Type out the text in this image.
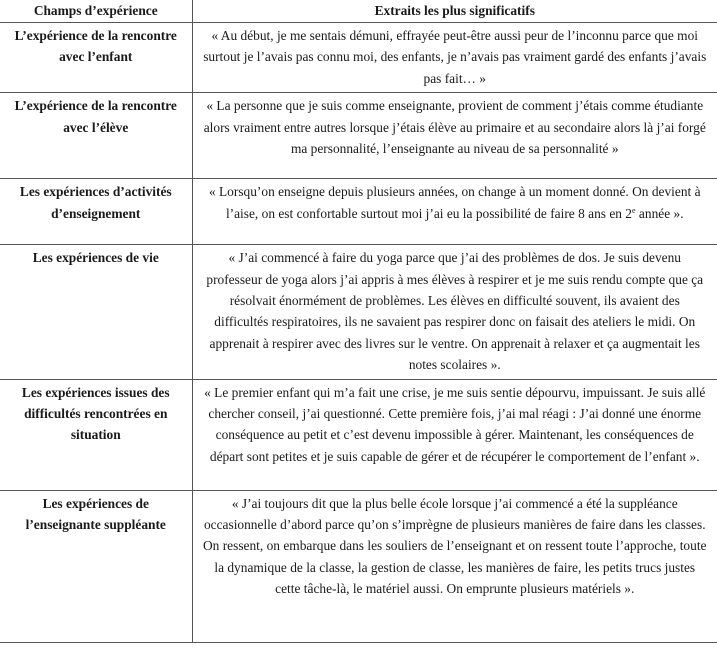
Champs d’expérience	Extraits les plus significatifs
L’expérience de la rencontre avec l’enfant	« Au début, je me sentais démuni, effrayée peut-être aussi peur de l’inconnu parce que moi surtout je l’avais pas connu moi, des enfants, je n’avais pas vraiment gardé des enfants j’avais pas fait… »
L’expérience de la rencontre avec l’élève	« La personne que je suis comme enseignante, provient de comment j’étais comme étudiante alors vraiment entre autres lorsque j’étais élève au primaire et au secondaire alors là j’ai forgé ma personnalité, l’enseignante au niveau de sa personnalité »
Les expériences d’activités d’enseignement	« Lorsqu’on enseigne depuis plusieurs années, on change à un moment donné. On devient à l’aise, on est confortable surtout moi j’ai eu la possibilité de faire 8 ans en 2e année ».
Les expériences de vie	« J’ai commencé à faire du yoga parce que j’ai des problèmes de dos. Je suis devenu professeur de yoga alors j’ai appris à mes élèves à respirer et je me suis rendu compte que ça résolvait énormément de problèmes. Les élèves en difficulté souvent, ils avaient des difficultés respiratoires, ils ne savaient pas respirer donc on faisait des ateliers le midi. On apprenait à respirer avec des livres sur le ventre. On apprenait à relaxer et ça augmentait les notes scolaires ».
Les expériences issues des difficultés rencontrées en situation	« Le premier enfant qui m’a fait une crise, je me suis sentie dépourvu, impuissant. Je suis allé chercher conseil, j’ai questionné. Cette première fois, j’ai mal réagi : J’ai donné une énorme conséquence au petit et c’est devenu impossible à gérer. Maintenant, les conséquences de départ sont petites et je suis capable de gérer et de récupérer le comportement de l’enfant ».
Les expériences de l’enseignante suppléante	« J’ai toujours dit que la plus belle école lorsque j’ai commencé a été la suppléance occasionnelle d’abord parce qu’on s’imprègne de plusieurs manières de faire dans les classes. On ressent, on embarque dans les souliers de l’enseignant et on ressent toute l’approche, toute la dynamique de la classe, la gestion de classe, les manières de faire, les petits trucs justes cette tâche-là, le matériel aussi. On emprunte plusieurs matériels ».
